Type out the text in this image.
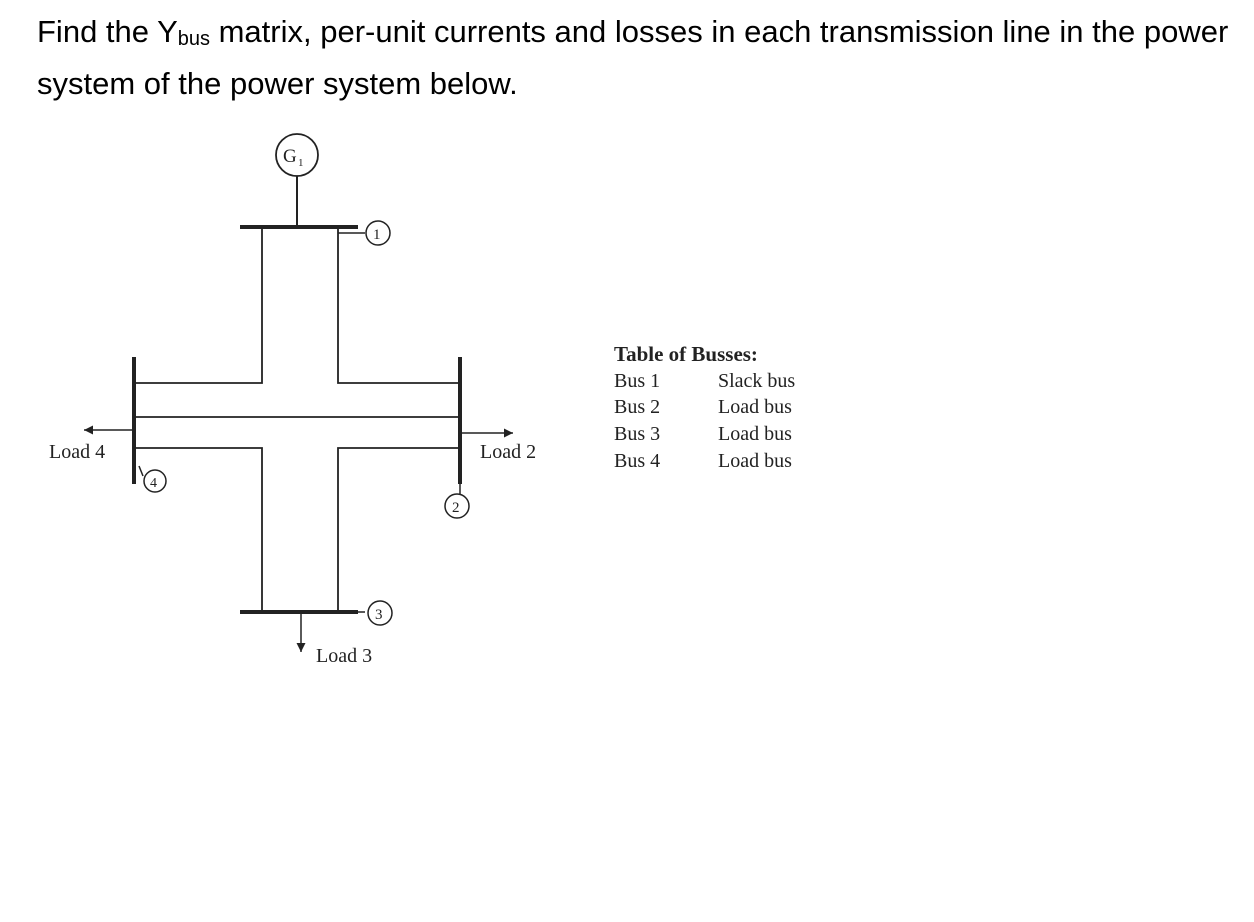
Find the $Y_{bus}$ matrix, per-unit currents and losses in each transmission line in the power system of the power system below.
G 1
1
3
4
2
Load 4	Load 2
Load 3
Table of Busses:
Bus 1	Slack bus
Bus 2	Load bus
Bus 3	Load bus
Bus 4	Load bus
